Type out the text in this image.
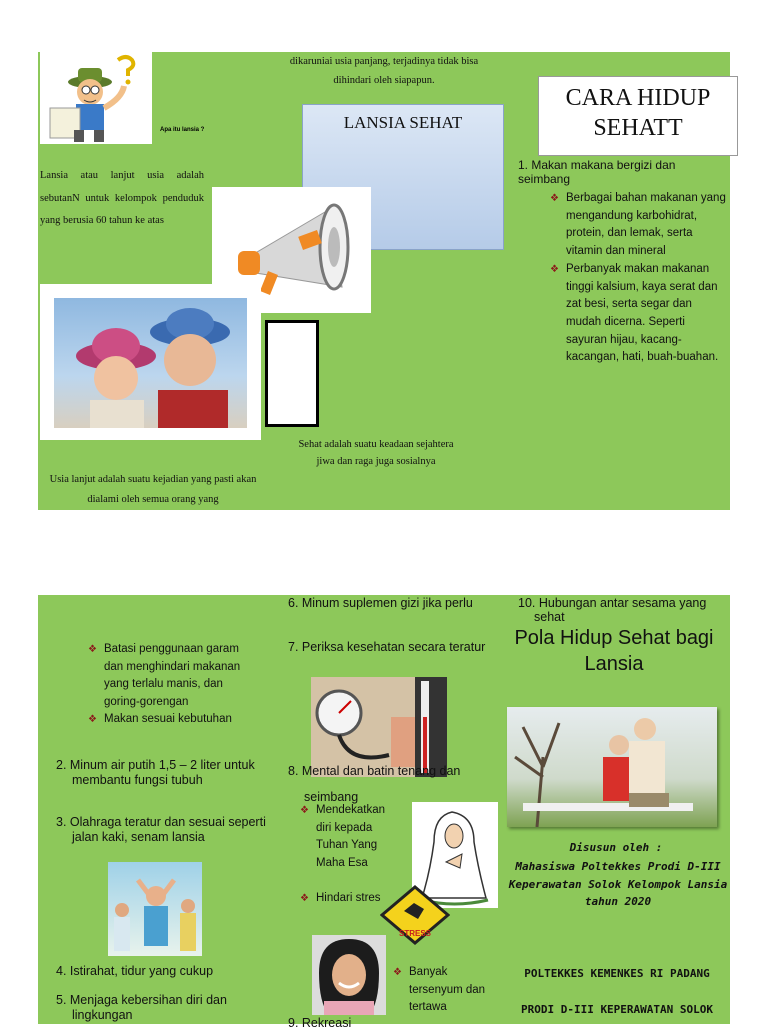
Apa itu lansia ?
dikaruniai usia panjang, terjadinya tidak bisa dihindari oleh siapapun.
Lansia atau lanjut usia adalah sebutanN untuk kelompok penduduk yang berusia 60 tahun ke atas
LANSIA SEHAT
Usia lanjut adalah suatu kejadian yang pasti akan dialami oleh semua orang yang
Sehat adalah suatu keadaan sejahtera jiwa dan raga juga sosialnya
CARA HIDUP SEHATT
1. Makan makana bergizi dan seimbang
❖ Berbagai bahan makanan yang mengandung karbohidrat, protein, dan lemak, serta vitamin dan mineral
❖ Perbanyak makan makanan tinggi kalsium, kaya serat dan zat besi, serta segar dan mudah dicerna. Seperti sayuran hijau, kacang-kacangan, hati, buah-buahan.
❖ Batasi penggunaan garam dan menghindari makanan yang terlalu manis, dan goring-gorengan
❖ Makan sesuai kebutuhan
2. Minum air putih 1,5 – 2 liter untuk membantu fungsi tubuh
3. Olahraga teratur dan sesuai seperti jalan kaki, senam lansia
4. Istirahat, tidur yang cukup
5. Menjaga kebersihan diri dan lingkungan
6. Minum suplemen gizi jika perlu
7. Periksa kesehatan secara teratur
8. Mental dan batin tenang dan seimbang
❖ Mendekatkan diri kepada Tuhan Yang Maha Esa
❖ Hindari stres
STRESS
❖ Banyak tersenyum dan tertawa
9. Rekreasi
10. Hubungan antar sesama yang sehat
Pola Hidup Sehat bagi Lansia
Disusun oleh :
Mahasiswa Poltekkes Prodi D-III Keperawatan Solok Kelompok Lansia tahun 2020
POLTEKKES KEMENKES RI PADANG
PRODI D-III KEPERAWATAN SOLOK
